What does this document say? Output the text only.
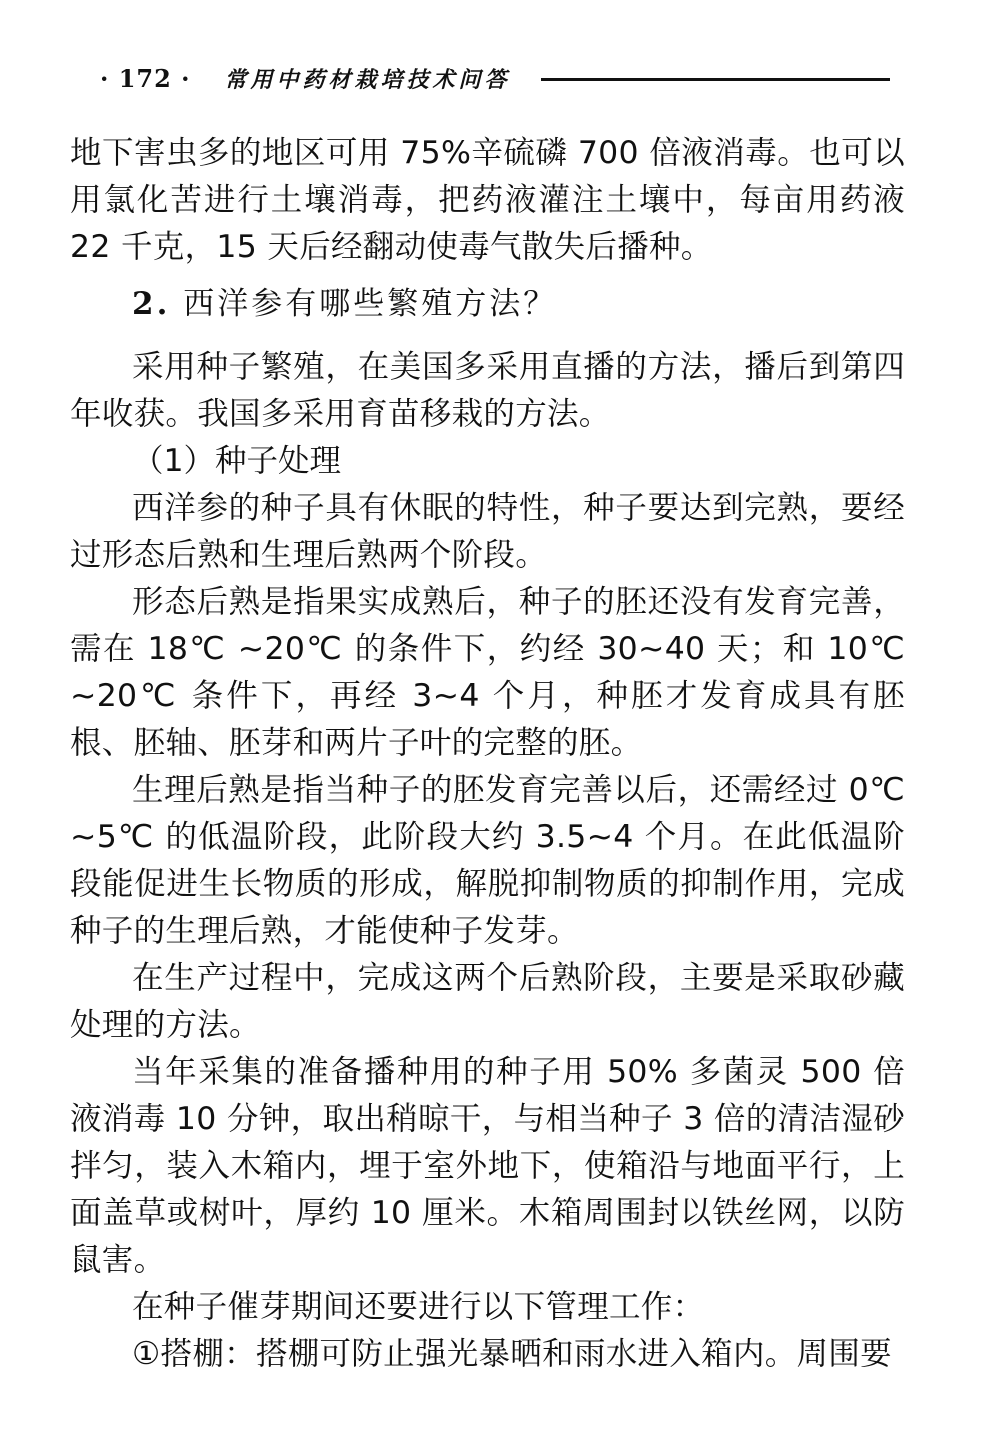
· 172 · 常用中药材栽培技术问答

地下害虫多的地区可用 75%辛硫磷 700 倍液消毒。也可以用氯化苦进行土壤消毒，把药液灌注土壤中，每亩用药液 22 千克，15 天后经翻动使毒气散失后播种。

2. 西洋参有哪些繁殖方法？

采用种子繁殖，在美国多采用直播的方法，播后到第四年收获。我国多采用育苗移栽的方法。

（1）种子处理

西洋参的种子具有休眠的特性，种子要达到完熟，要经过形态后熟和生理后熟两个阶段。

形态后熟是指果实成熟后，种子的胚还没有发育完善，需在 18℃ ~20℃ 的条件下，约经 30~40 天；和 10℃ ~20℃ 条件下，再经 3~4 个月，种胚才发育成具有胚根、胚轴、胚芽和两片子叶的完整的胚。

生理后熟是指当种子的胚发育完善以后，还需经过 0℃ ~5℃ 的低温阶段，此阶段大约 3.5~4 个月。在此低温阶段能促进生长物质的形成，解脱抑制物质的抑制作用，完成种子的生理后熟，才能使种子发芽。

在生产过程中，完成这两个后熟阶段，主要是采取砂藏处理的方法。

当年采集的准备播种用的种子用 50% 多菌灵 500 倍液消毒 10 分钟，取出稍晾干，与相当种子 3 倍的清洁湿砂拌匀，装入木箱内，埋于室外地下，使箱沿与地面平行，上面盖草或树叶，厚约 10 厘米。木箱周围封以铁丝网，以防鼠害。

在种子催芽期间还要进行以下管理工作：

①搭棚：搭棚可防止强光暴晒和雨水进入箱内。周围要
